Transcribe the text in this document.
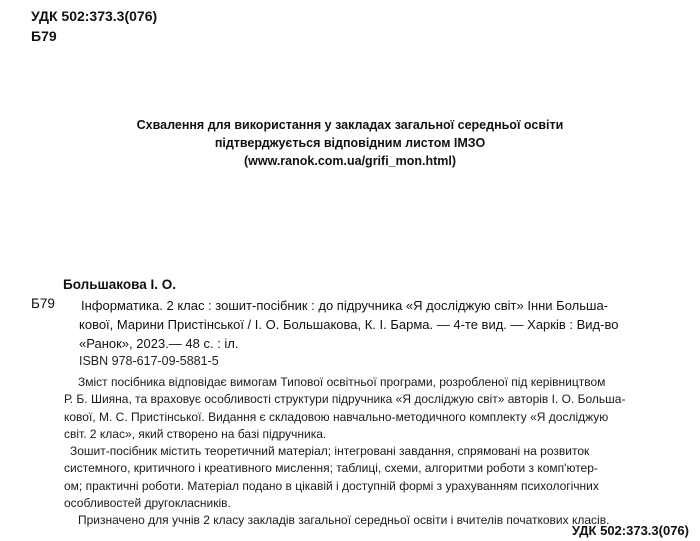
УДК 502:373.3(076)
Б79
Схвалення для використання у закладах загальної середньої освіти
підтверджується відповідним листом ІМЗО
(www.ranok.com.ua/grifi_mon.html)
Большакова І. О.
Б79 Інформатика. 2 клас : зошит-посібник : до підручника «Я досліджую світ» Інни Больша-
кової, Марини Пристінської / І. О. Большакова, К. І. Барма. — 4-те вид. — Харків : Вид-во
«Ранок», 2023.— 48 с. : іл.
ISBN 978-617-09-5881-5
Зміст посібника відповідає вимогам Типової освітньої програми, розробленої під керівництвом
Р. Б. Шияна, та враховує особливості структури підручника «Я досліджую світ» авторів І. О. Больша-
кової, М. С. Пристінської. Видання є складовою навчально-методичного комплекту «Я досліджую
світ. 2 клас», який створено на базі підручника.
Зошит-посібник містить теоретичний матеріал; інтегровані завдання, спрямовані на розвиток
системного, критичного і креативного мислення; таблиці, схеми, алгоритми роботи з комп'ютер-
ом; практичні роботи. Матеріал подано в цікавій і доступній формі з урахуванням психологічних
особливостей другокласників.
Призначено для учнів 2 класу закладів загальної середньої освіти і вчителів початкових класів.
УДК 502:373.3(076)
